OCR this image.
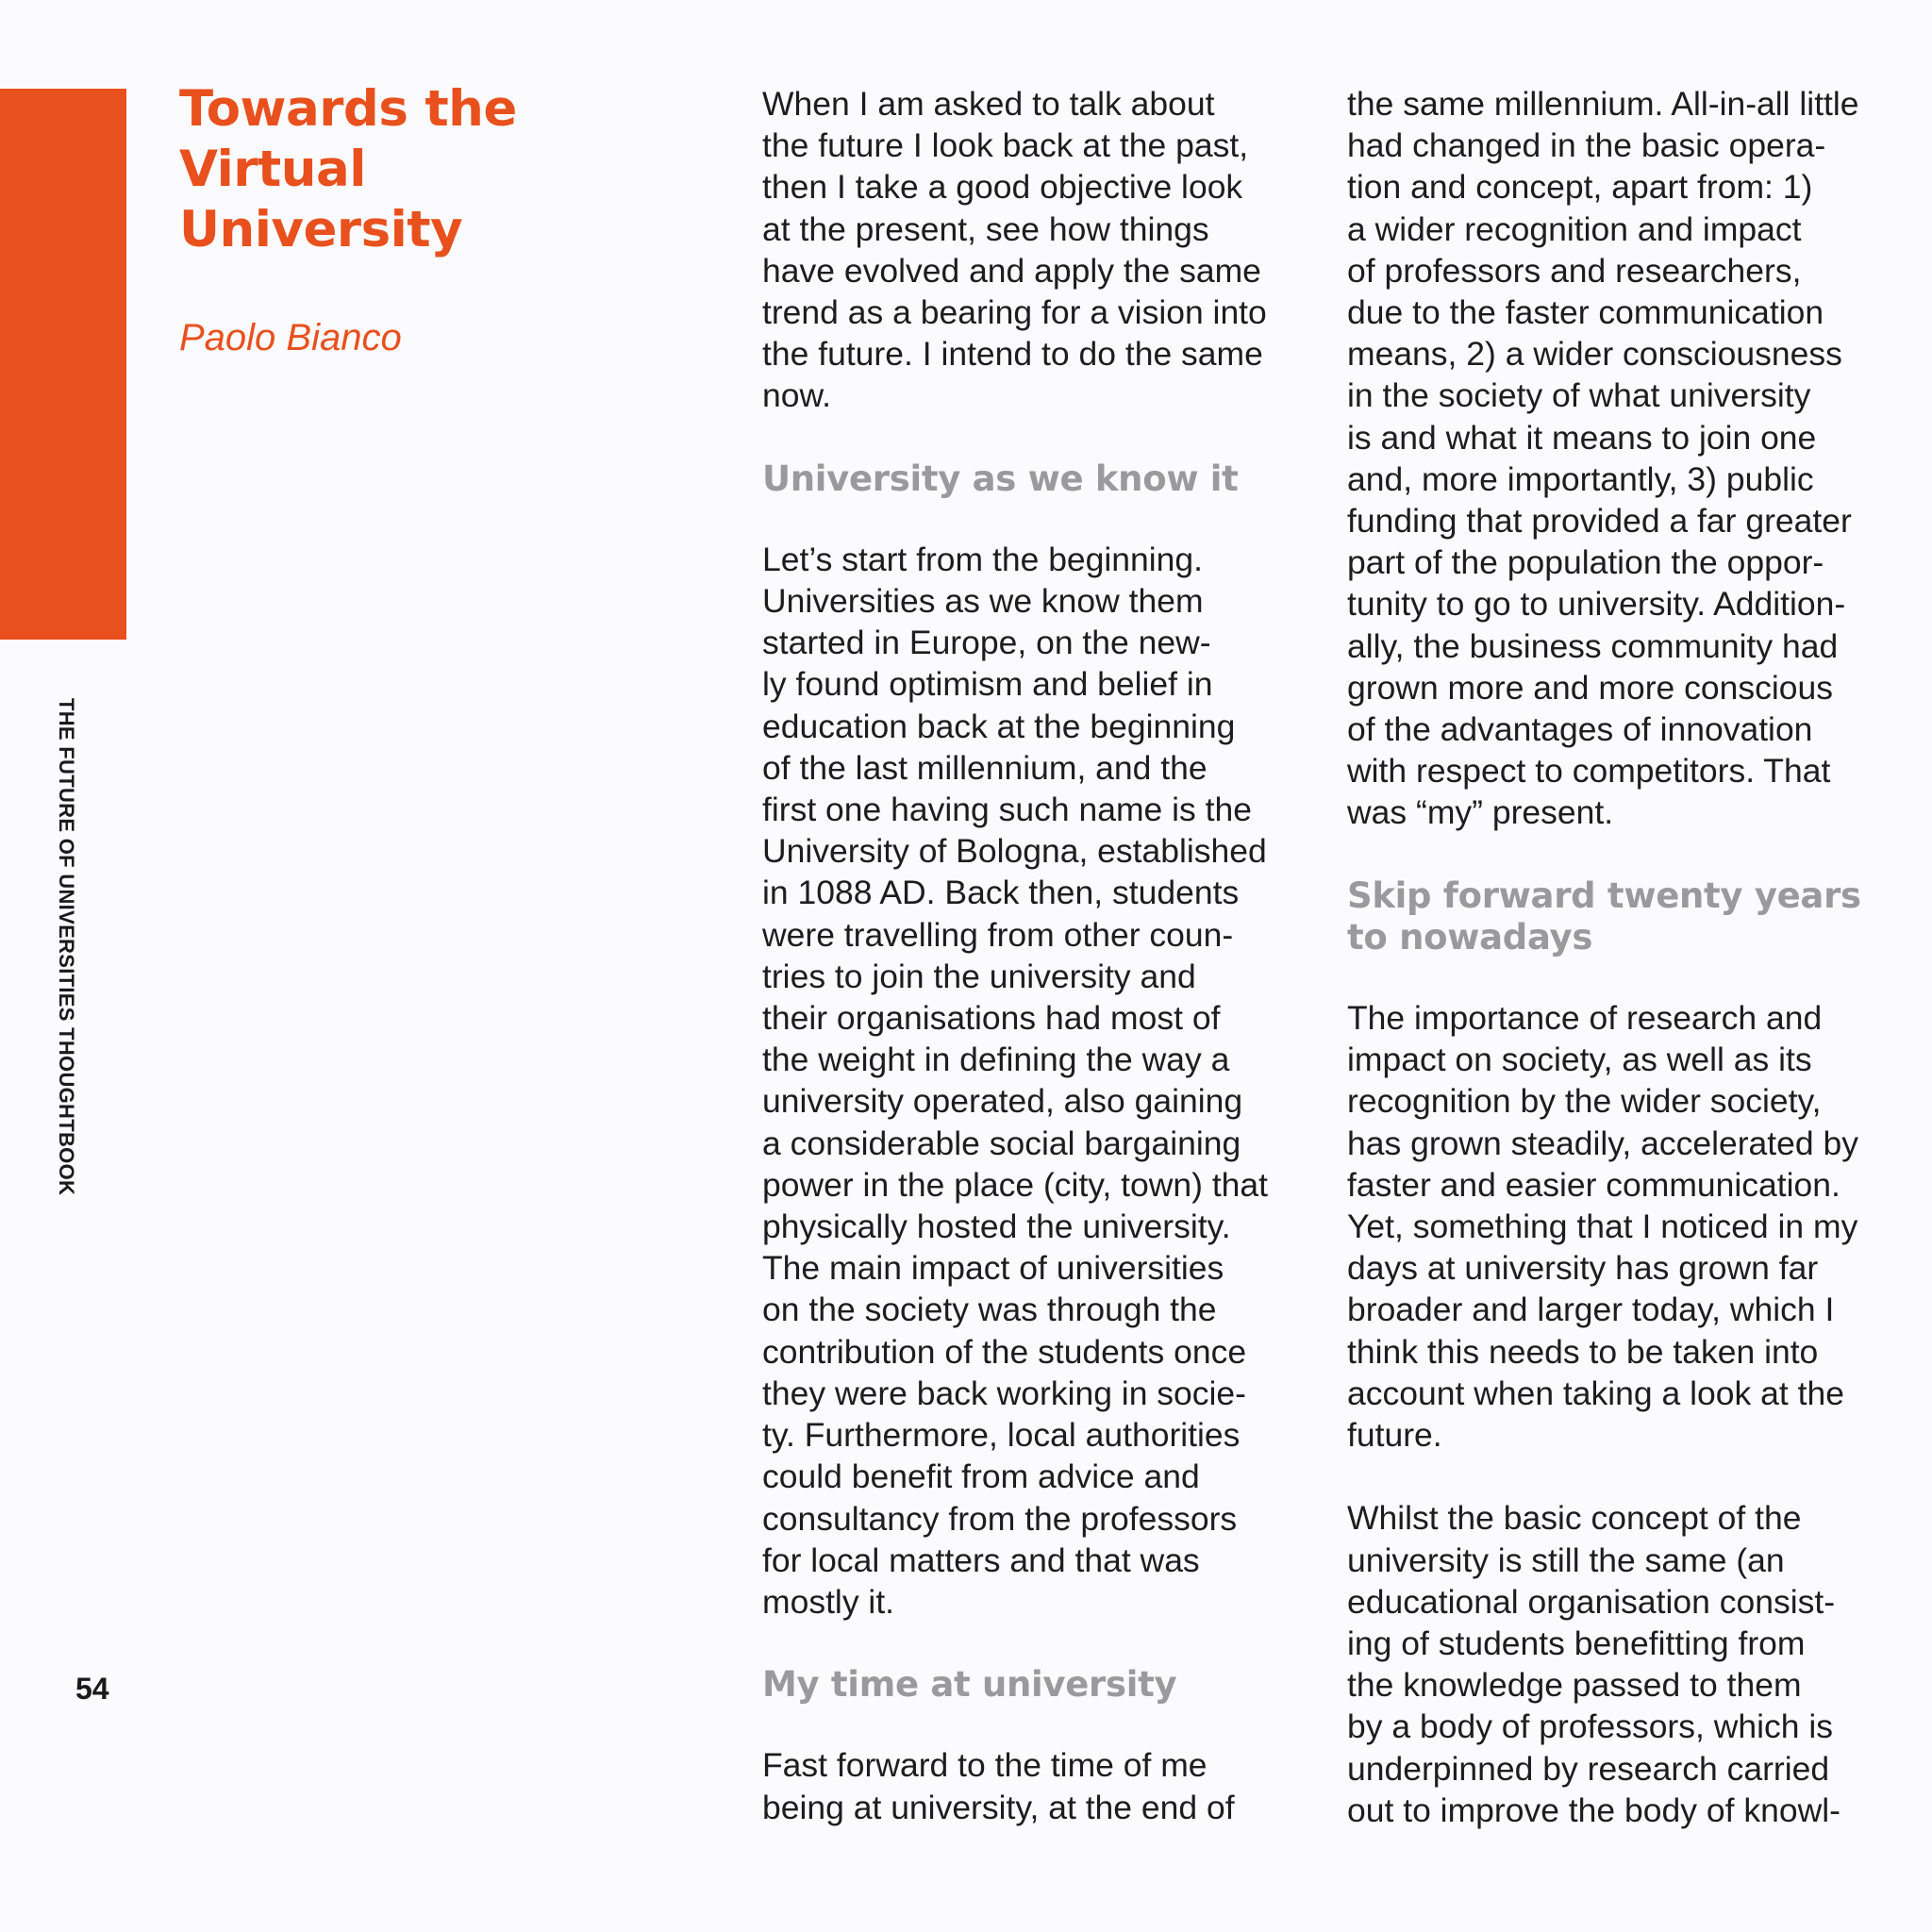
THE FUTURE OF UNIVERSITIES THOUGHTBOOK
54
Towards the
Virtual
University
Paolo Bianco

When I am asked to talk about
the future I look back at the past,
then I take a good objective look
at the present, see how things
have evolved and apply the same
trend as a bearing for a vision into
the future. I intend to do the same
now.

University as we know it

Let’s start from the beginning.
Universities as we know them
started in Europe, on the new-
ly found optimism and belief in
education back at the beginning
of the last millennium, and the
first one having such name is the
University of Bologna, established
in 1088 AD. Back then, students
were travelling from other coun-
tries to join the university and
their organisations had most of
the weight in defining the way a
university operated, also gaining
a considerable social bargaining
power in the place (city, town) that
physically hosted the university.
The main impact of universities
on the society was through the
contribution of the students once
they were back working in socie-
ty. Furthermore, local authorities
could benefit from advice and
consultancy from the professors
for local matters and that was
mostly it.

My time at university

Fast forward to the time of me
being at university, at the end of

the same millennium. All-in-all little
had changed in the basic opera-
tion and concept, apart from: 1)
a wider recognition and impact
of professors and researchers,
due to the faster communication
means, 2) a wider consciousness
in the society of what university
is and what it means to join one
and, more importantly, 3) public
funding that provided a far greater
part of the population the oppor-
tunity to go to university. Addition-
ally, the business community had
grown more and more conscious
of the advantages of innovation
with respect to competitors. That
was “my” present.

Skip forward twenty years
to nowadays

The importance of research and
impact on society, as well as its
recognition by the wider society,
has grown steadily, accelerated by
faster and easier communication.
Yet, something that I noticed in my
days at university has grown far
broader and larger today, which I
think this needs to be taken into
account when taking a look at the
future.

Whilst the basic concept of the
university is still the same (an
educational organisation consist-
ing of students benefitting from
the knowledge passed to them
by a body of professors, which is
underpinned by research carried
out to improve the body of knowl-
